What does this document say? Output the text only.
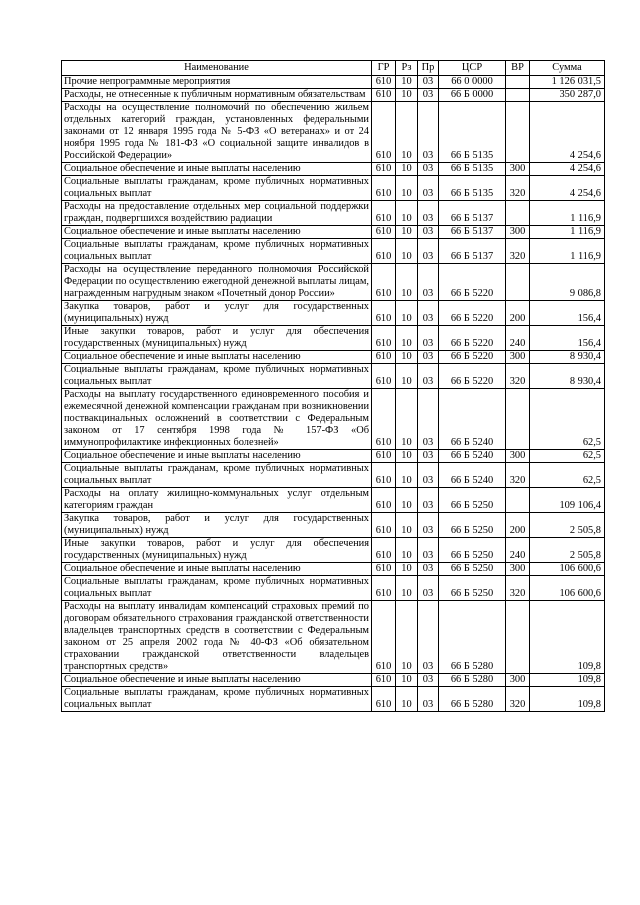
Наименование	ГР	Рз	Пр	ЦСР	ВР	Сумма
Прочие непрограммные мероприятия	610	10	03	66 0 0000		1 126 031,5
Расходы, не отнесенные к публичным нормативным обязательствам	610	10	03	66 Б 0000		350 287,0
Расходы на осуществление полномочий по обеспечению жильем отдельных категорий граждан, установленных федеральными законами от 12 января 1995 года № 5-ФЗ «О ветеранах» и от 24 ноября 1995 года № 181-ФЗ «О социальной защите инвалидов в Российской Федерации»	610	10	03	66 Б 5135		4 254,6
Социальное обеспечение и иные выплаты населению	610	10	03	66 Б 5135	300	4 254,6
Социальные выплаты гражданам, кроме публичных нормативных социальных выплат	610	10	03	66 Б 5135	320	4 254,6
Расходы на предоставление отдельных мер социальной поддержки граждан, подвергшихся воздействию радиации	610	10	03	66 Б 5137		1 116,9
Социальное обеспечение и иные выплаты населению	610	10	03	66 Б 5137	300	1 116,9
Социальные выплаты гражданам, кроме публичных нормативных социальных выплат	610	10	03	66 Б 5137	320	1 116,9
Расходы на осуществление переданного полномочия Российской Федерации по осуществлению ежегодной денежной выплаты лицам, награжденным нагрудным знаком «Почетный донор России»	610	10	03	66 Б 5220		9 086,8
Закупка товаров, работ и услуг для государственных (муниципальных) нужд	610	10	03	66 Б 5220	200	156,4
Иные закупки товаров, работ и услуг для обеспечения государственных (муниципальных) нужд	610	10	03	66 Б 5220	240	156,4
Социальное обеспечение и иные выплаты населению	610	10	03	66 Б 5220	300	8 930,4
Социальные выплаты гражданам, кроме публичных нормативных социальных выплат	610	10	03	66 Б 5220	320	8 930,4
Расходы на выплату государственного единовременного пособия и ежемесячной денежной компенсации гражданам при возникновении поствакцинальных осложнений в соответствии с Федеральным законом от 17 сентября 1998 года № 157-ФЗ «Об иммунопрофилактике инфекционных болезней»	610	10	03	66 Б 5240		62,5
Социальное обеспечение и иные выплаты населению	610	10	03	66 Б 5240	300	62,5
Социальные выплаты гражданам, кроме публичных нормативных социальных выплат	610	10	03	66 Б 5240	320	62,5
Расходы на оплату жилищно-коммунальных услуг отдельным категориям граждан	610	10	03	66 Б 5250		109 106,4
Закупка товаров, работ и услуг для государственных (муниципальных) нужд	610	10	03	66 Б 5250	200	2 505,8
Иные закупки товаров, работ и услуг для обеспечения государственных (муниципальных) нужд	610	10	03	66 Б 5250	240	2 505,8
Социальное обеспечение и иные выплаты населению	610	10	03	66 Б 5250	300	106 600,6
Социальные выплаты гражданам, кроме публичных нормативных социальных выплат	610	10	03	66 Б 5250	320	106 600,6
Расходы на выплату инвалидам компенсаций страховых премий по договорам обязательного страхования гражданской ответственности владельцев транспортных средств в соответствии с Федеральным законом от 25 апреля 2002 года № 40-ФЗ «Об обязательном страховании гражданской ответственности владельцев транспортных средств»	610	10	03	66 Б 5280		109,8
Социальное обеспечение и иные выплаты населению	610	10	03	66 Б 5280	300	109,8
Социальные выплаты гражданам, кроме публичных нормативных социальных выплат	610	10	03	66 Б 5280	320	109,8
